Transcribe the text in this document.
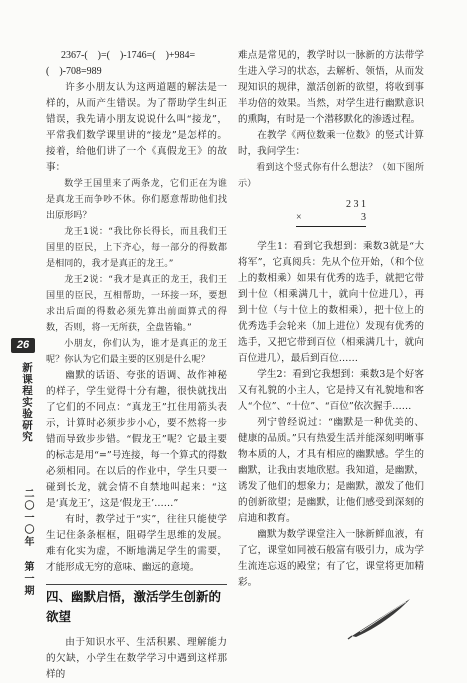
26
新课程实验研究
二〇一〇年 第一期

2367-(　)=(　)-1746=(　)+984=

(　)-708=989

许多小朋友认为这两道题的解法是一样的，从而产生错误。为了帮助学生纠正错误，我先请小朋友说说什么叫“接龙”，平常我们数学课里讲的“接龙”是怎样的。接着，给他们讲了一个《真假龙王》的故事：

数学王国里来了两条龙，它们正在为谁是真龙王而争吵不休。你们愿意帮助他们找出原形吗？

龙王1说：“我比你长得长，而且我们王国里的臣民，上下齐心，每一部分的得数都是相同的，我才是真正的龙王。”

龙王2说：“我才是真正的龙王，我们王国里的臣民，互相帮助，一环接一环，要想求出后面的得数必须先算出前面算式的得数，否则，将一无所获，全盘皆输。”

小朋友，你们认为，谁才是真正的龙王呢？你认为它们最主要的区别是什么呢？

幽默的话语、夸张的语调、故作神秘的样子，学生觉得十分有趣，很快就找出了它们的不同点：“真龙王”扛住用箭头表示，计算时必须步步小心，要不然将一步错而导致步步错。“假龙王”呢？它最主要的标志是用“=”号连接，每一个算式的得数必须相同。在以后的作业中，学生只要一碰到长龙，就会情不自禁地叫起来：“这是‘真龙王’，这是‘假龙王’……”

有时，教学过于“实”，往往只能使学生记住条条框框，阻碍学生思维的发展。难有化实为虚，不断地满足学生的需要，才能形成无穷的意味、幽远的意境。

四、幽默启悟，激活学生创新的欲望

由于知识水平、生活积累、理解能力的欠缺，小学生在数学学习中遇到这样那样的

难点是常见的，教学时以一脉新的方法带学生进入学习的状态，去解析、领悟，从而发现知识的规律，激活创新的欲望，将收到事半功倍的效果。当然，对学生进行幽默意识的熏陶，有时是一个潜移默化的渗透过程。

在教学《两位数乘一位数》的竖式计算时，我问学生：

看到这个竖式你有什么想法？（如下图所示）

2 3 1
×	3

学生1：看到它我想到：乘数3就是“大将军”，它真阅兵：先从个位开始，（和个位上的数相乘）如果有优秀的选手，就把它带到十位（相乘满几十，就向十位进几），再到十位（与十位上的数相乘），把十位上的优秀选手会轮来（加上进位）发现有优秀的选手，又把它带到百位（相乘满几十，就向百位进几），最后到百位……

学生2：看到它我想到：乘数3是个好客又有礼貌的小主人，它是持又有礼貌地和客人“个位”、“十位”、“百位”依次握手……

列宁曾经说过：“幽默是一种优美的、健康的品质。”只有热爱生活并能深刻明晰事物本质的人，才具有相应的幽默感。学生的幽默，让我由衷地欣慰。我知道，是幽默，诱发了他们的想象力；是幽默，激发了他们的创新欲望；是幽默，让他们感受到深刻的启迪和教育。

幽默为数学课堂注入一脉新鲜血液，有了它，课堂如同被石般富有吸引力，成为学生流连忘返的殿堂；有了它，课堂将更加精彩。
